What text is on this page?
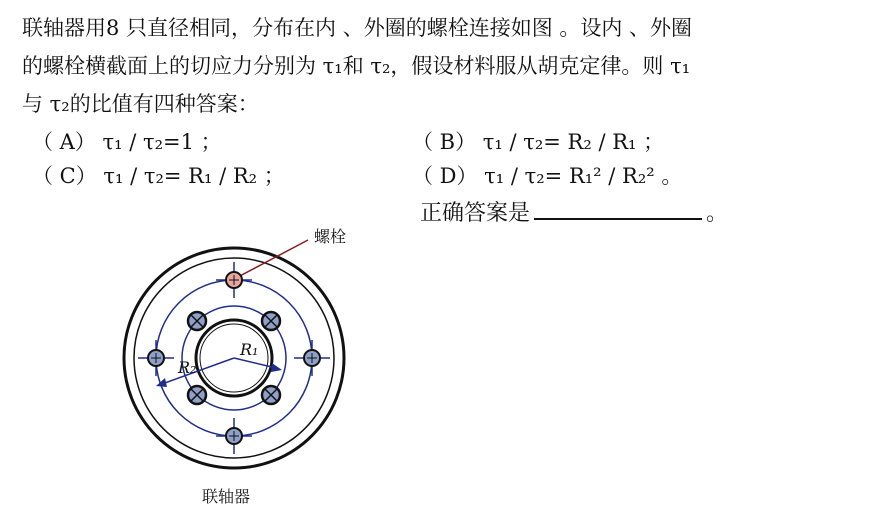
联轴器用8 只直径相同，分布在内 、外圈的螺栓连接如图 。设内 、外圈
的螺栓横截面上的切应力分别为 τ₁和 τ₂，假设材料服从胡克定律。则 τ₁
与 τ₂的比值有四种答案：
（ A） τ₁ / τ₂=1 ；	（ B） τ₁ / τ₂= R₂ / R₁ ；
（ C） τ₁ / τ₂= R₁ / R₂ ；	（ D） τ₁ / τ₂= R₁² / R₂² 。
正确答案是	。
螺栓
R₁
R₂
联轴器
